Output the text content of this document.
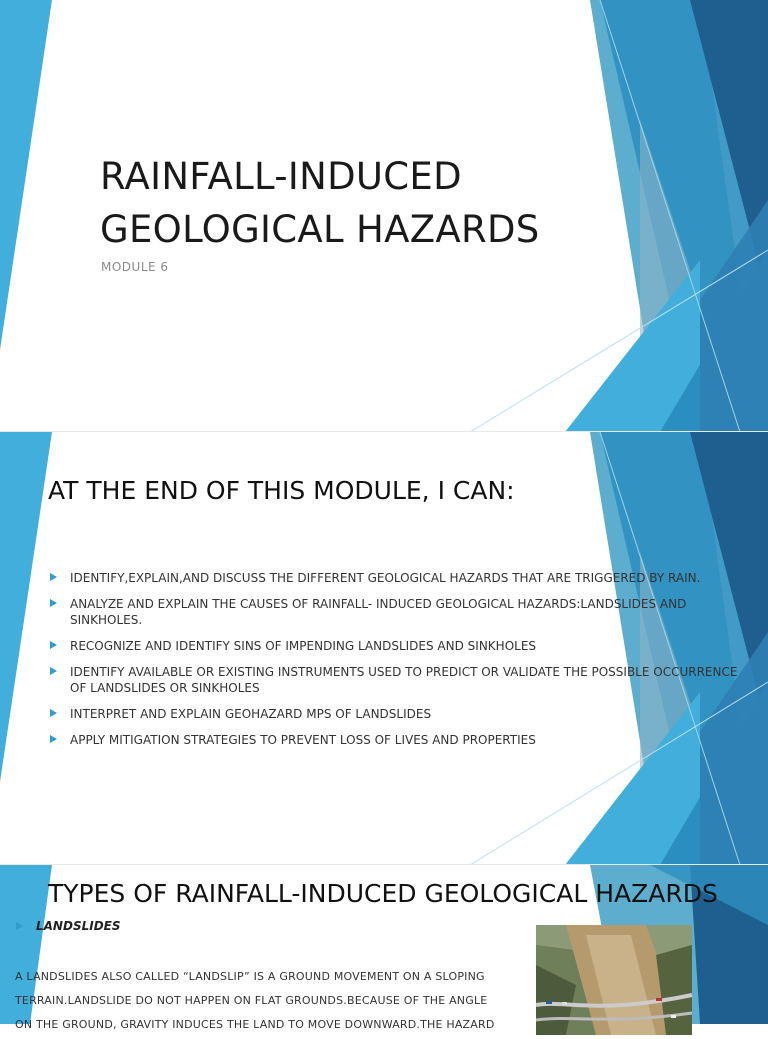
RAINFALL-INDUCED
GEOLOGICAL HAZARDS
MODULE 6
AT THE END OF THIS MODULE, I CAN:
IDENTIFY,EXPLAIN,AND DISCUSS THE DIFFERENT GEOLOGICAL HAZARDS THAT ARE TRIGGERED BY RAIN.
ANALYZE AND EXPLAIN THE CAUSES OF RAINFALL- INDUCED GEOLOGICAL HAZARDS:LANDSLIDES AND SINKHOLES.
RECOGNIZE AND IDENTIFY SINS OF IMPENDING LANDSLIDES AND SINKHOLES
IDENTIFY AVAILABLE OR EXISTING INSTRUMENTS USED TO PREDICT OR VALIDATE THE POSSIBLE OCCURRENCE OF LANDSLIDES OR SINKHOLES
INTERPRET AND EXPLAIN GEOHAZARD MPS OF LANDSLIDES
APPLY MITIGATION STRATEGIES TO PREVENT LOSS OF LIVES AND PROPERTIES
TYPES OF RAINFALL-INDUCED GEOLOGICAL HAZARDS
LANDSLIDES
A LANDSLIDES ALSO CALLED “LANDSLIP” IS A GROUND MOVEMENT ON A SLOPING TERRAIN.LANDSLIDE DO NOT HAPPEN ON FLAT GROUNDS.BECAUSE OF THE ANGLE ON THE GROUND, GRAVITY INDUCES THE LAND TO MOVE DOWNWARD.THE HAZARD
